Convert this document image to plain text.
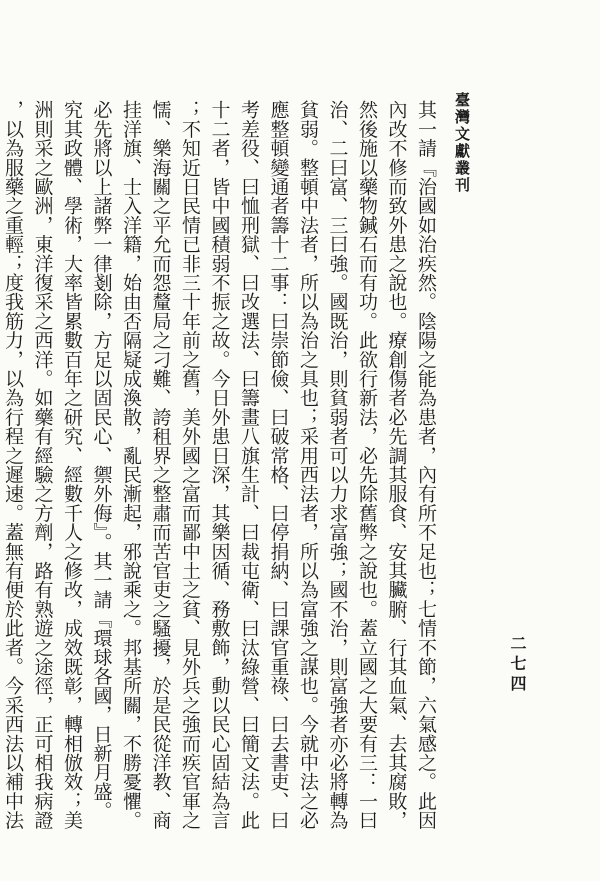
臺灣文獻叢刊
二七四
其一請『治國如治疾然。陰陽之能為患者，內有所不足也；七情不節，六氣感之。此因
內改不修而致外患之說也。療創傷者必先調其服食、安其臟腑、行其血氣、去其腐敗，
然後施以藥物鍼石而有功。此欲行新法，必先除舊弊之說也。蓋立國之大要有三：一曰
治、二曰富、三曰強。國既治，則貧弱者可以力求富強；國不治，則富強者亦必將轉為
貧弱。整頓中法者，所以為治之具也；采用西法者，所以為富強之謀也。今就中法之必
應整頓變通者籌十二事：曰崇節儉、曰破常格、曰停捐納、曰課官重祿、曰去書吏、曰
考差役、曰恤刑獄、曰改選法、曰籌畫八旗生計、曰裁屯衛、曰汰綠營、曰簡文法。此
十二者，皆中國積弱不振之故。今日外患日深，其樂因循、務敷飾，動以民心固結為言
；不知近日民情已非三十年前之舊，美外國之富而鄙中土之貧、見外兵之強而疾官軍之
懦、樂海關之平允而怨釐局之刁難、誇租界之整肅而苦官吏之騷擾，於是民從洋教、商
挂洋旗、士入洋籍，始由否隔疑成渙散，亂民漸起，邪說乘之。邦基所關，不勝憂懼。
必先將以上諸弊一律剗除，方足以固民心、禦外侮』。其一請『環球各國，日新月盛。
究其政體、學術，大率皆累數百年之研究、經數千人之修改，成效既彰，轉相倣效；美
洲則采之歐洲，東洋復采之西洋。如藥有經驗之方劑，路有熟遊之途徑，正可相我病證
，以為服藥之重輕；度我筋力，以為行程之遲速。蓋無有便於此者。今采西法以補中法
